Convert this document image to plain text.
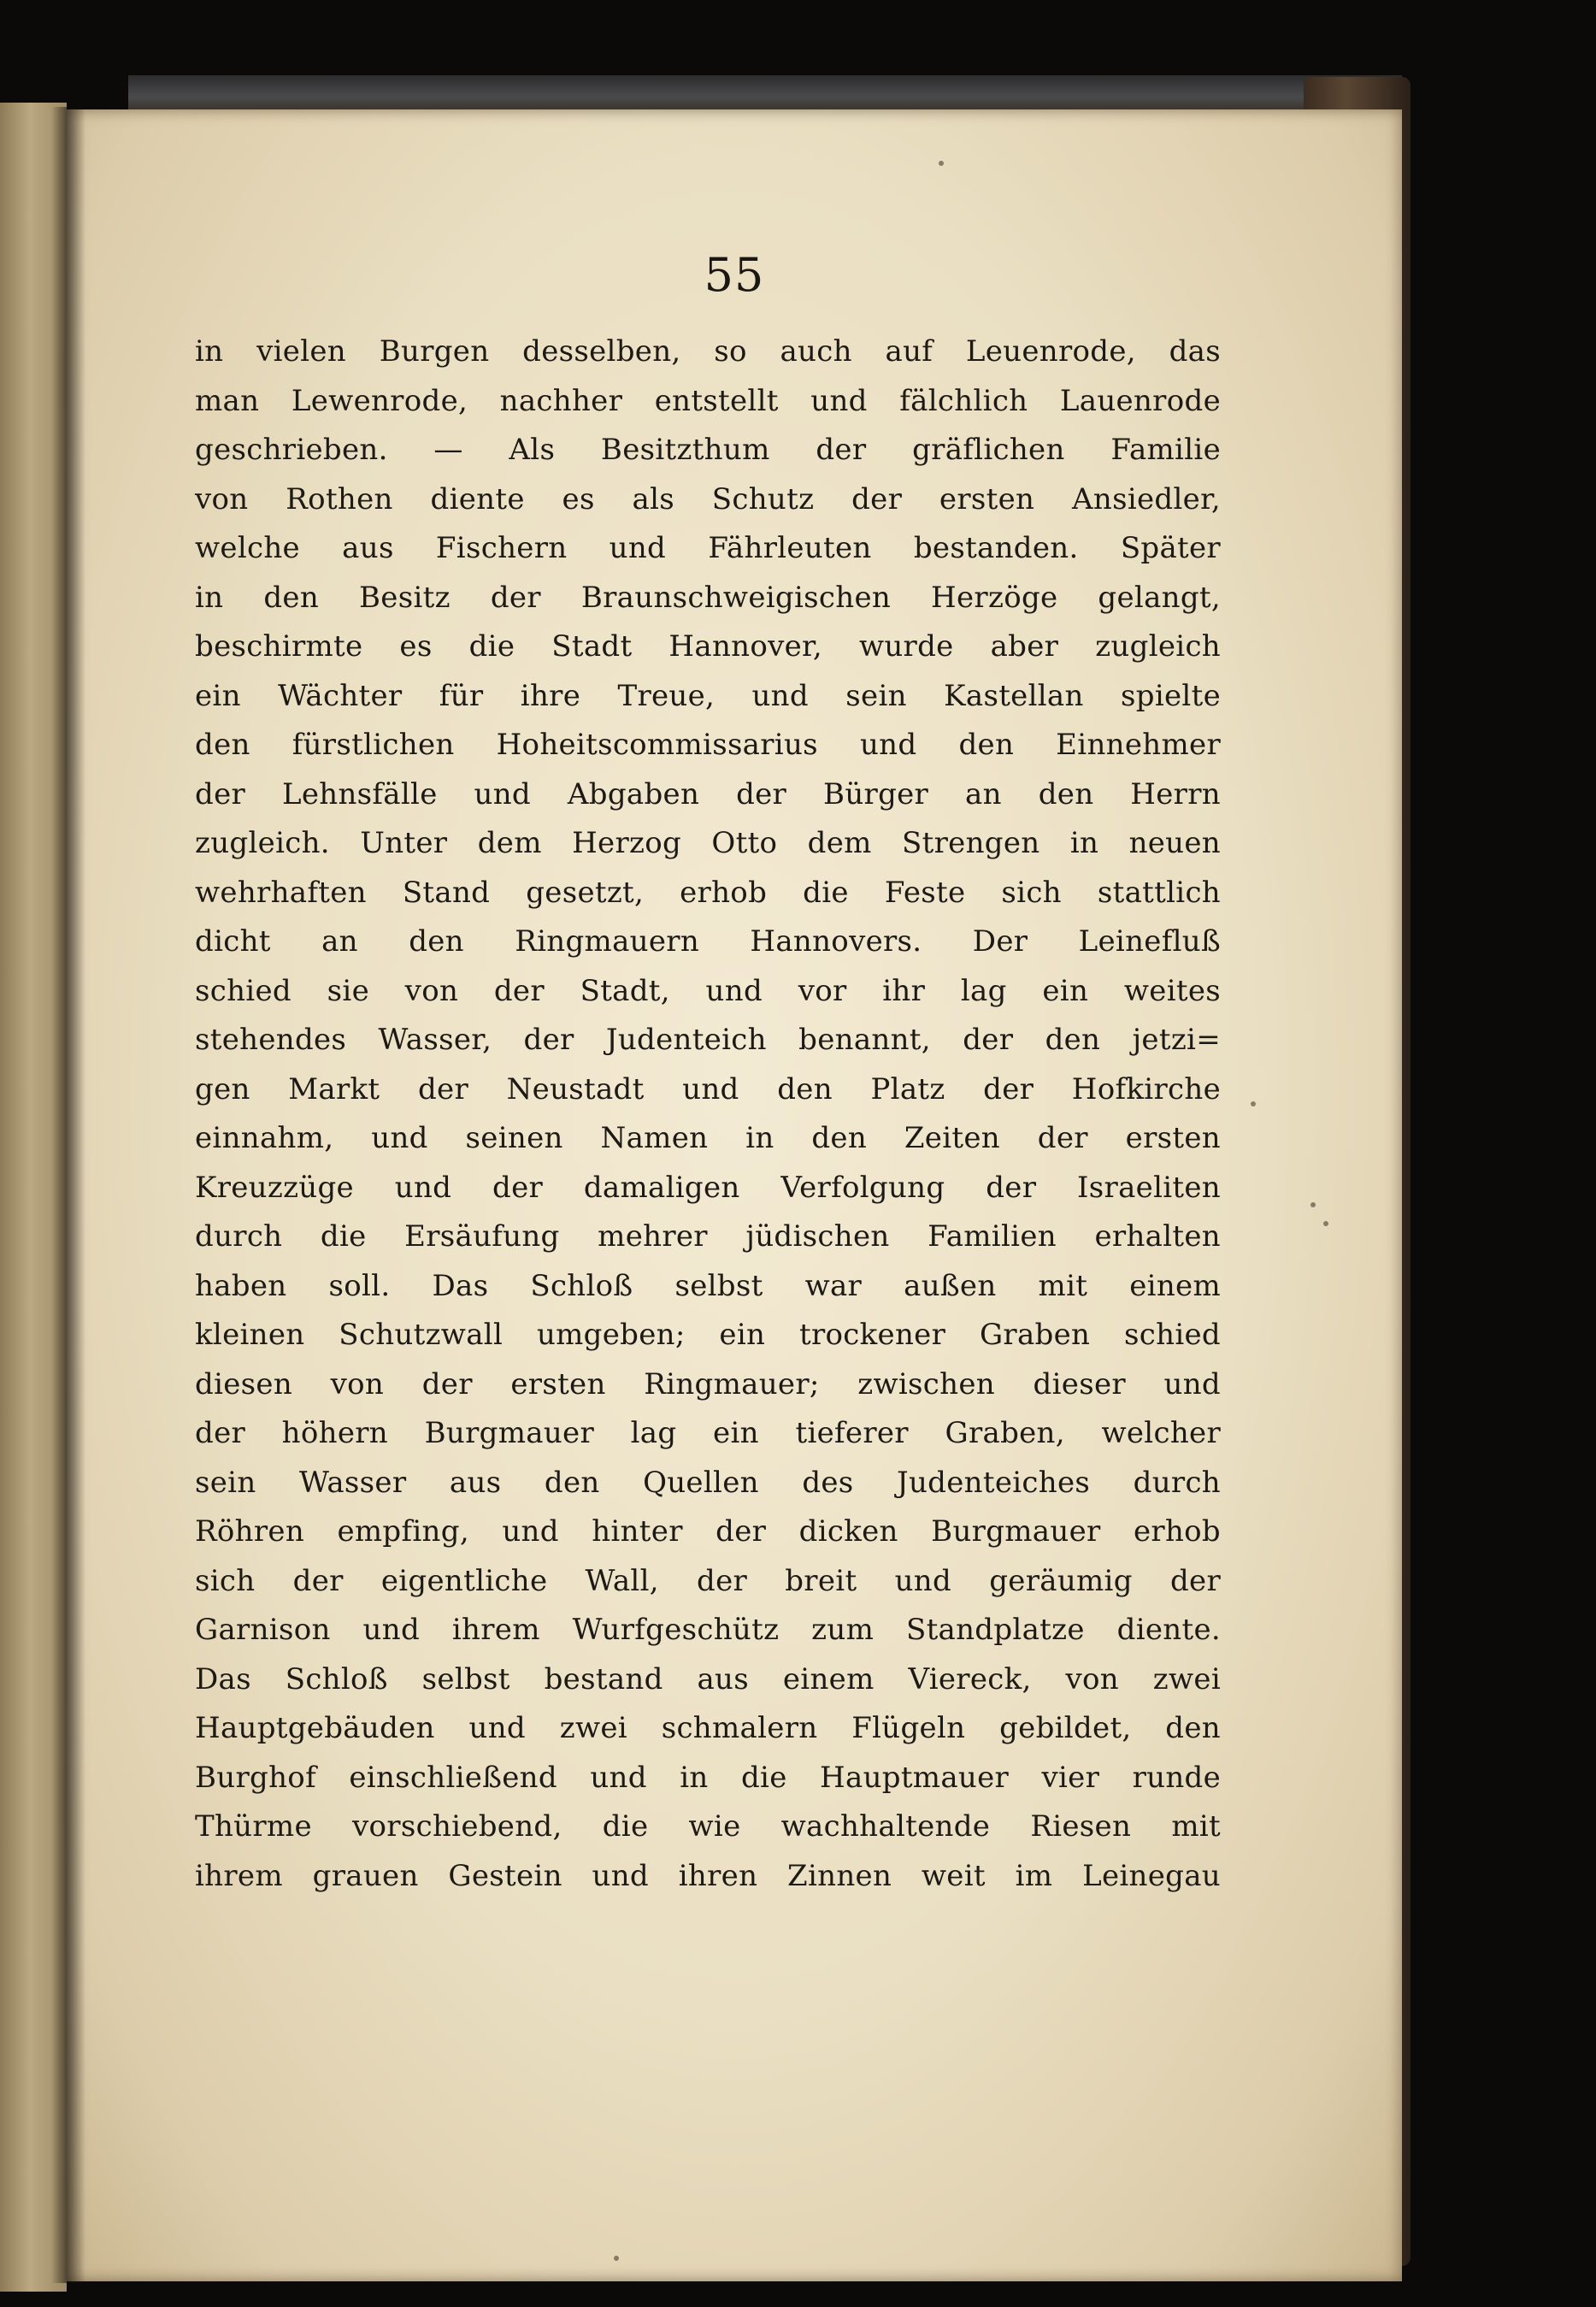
55
in vielen Burgen desselben, so auch auf Leuenrode, das
man Lewenrode, nachher entstellt und fälchlich Lauenrode
geschrieben. — Als Besitzthum der gräflichen Familie
von Rothen diente es als Schutz der ersten Ansiedler,
welche aus Fischern und Fährleuten bestanden. Später
in den Besitz der Braunschweigischen Herzöge gelangt,
beschirmte es die Stadt Hannover, wurde aber zugleich
ein Wächter für ihre Treue, und sein Kastellan spielte
den fürstlichen Hoheitscommissarius und den Einnehmer
der Lehnsfälle und Abgaben der Bürger an den Herrn
zugleich. Unter dem Herzog Otto dem Strengen in neuen
wehrhaften Stand gesetzt, erhob die Feste sich stattlich
dicht an den Ringmauern Hannovers. Der Leinefluß
schied sie von der Stadt, und vor ihr lag ein weites
stehendes Wasser, der Judenteich benannt, der den jetzi=
gen Markt der Neustadt und den Platz der Hofkirche
einnahm, und seinen Namen in den Zeiten der ersten
Kreuzzüge und der damaligen Verfolgung der Israeliten
durch die Ersäufung mehrer jüdischen Familien erhalten
haben soll. Das Schloß selbst war außen mit einem
kleinen Schutzwall umgeben; ein trockener Graben schied
diesen von der ersten Ringmauer; zwischen dieser und
der höhern Burgmauer lag ein tieferer Graben, welcher
sein Wasser aus den Quellen des Judenteiches durch
Röhren empfing, und hinter der dicken Burgmauer erhob
sich der eigentliche Wall, der breit und geräumig der
Garnison und ihrem Wurfgeschütz zum Standplatze diente.
Das Schloß selbst bestand aus einem Viereck, von zwei
Hauptgebäuden und zwei schmalern Flügeln gebildet, den
Burghof einschließend und in die Hauptmauer vier runde
Thürme vorschiebend, die wie wachhaltende Riesen mit
ihrem grauen Gestein und ihren Zinnen weit im Leinegau
